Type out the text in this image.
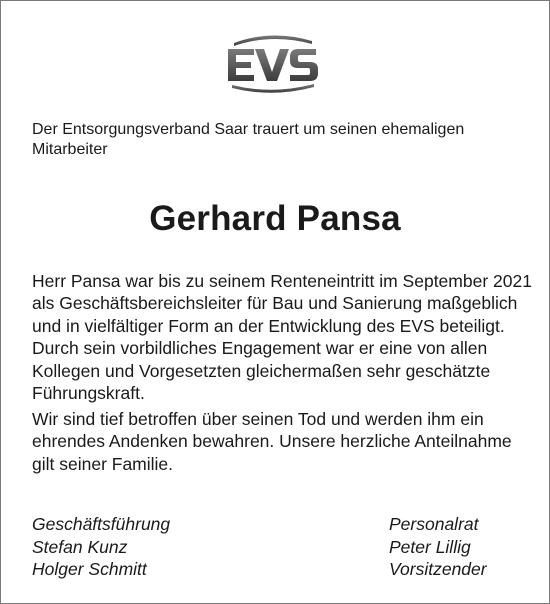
Der Entsorgungsverband Saar trauert um seinen ehemaligen Mitarbeiter

Gerhard Pansa

Herr Pansa war bis zu seinem Renteneintritt im September 2021 als Geschäftsbereichsleiter für Bau und Sanierung maßgeblich und in vielfältiger Form an der Entwicklung des EVS beteiligt. Durch sein vorbildliches Engagement war er eine von allen Kollegen und Vorgesetzten gleichermaßen sehr geschätzte Führungskraft.

Wir sind tief betroffen über seinen Tod und werden ihm ein ehrendes Andenken bewahren. Unsere herzliche Anteilnahme gilt seiner Familie.

Geschäftsführung
Stefan Kunz
Holger Schmitt
Personalrat
Peter Lillig
Vorsitzender
